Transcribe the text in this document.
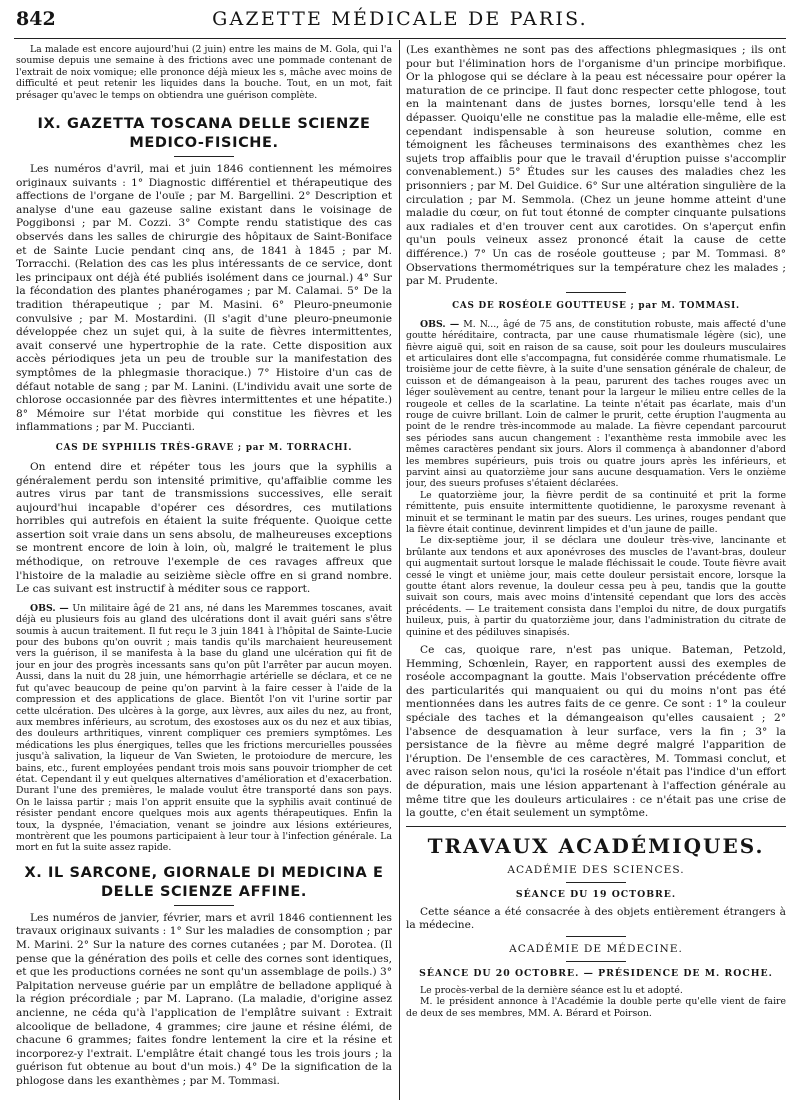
842	GAZETTE MÉDICALE DE PARIS.

La malade est encore aujourd'hui (2 juin) entre les mains de M. Gola, qui l'a soumise depuis une semaine à des frictions avec une pommade contenant de l'extrait de noix vomique; elle prononce déjà mieux les s, mâche avec moins de difficulté et peut retenir les liquides dans la bouche. Tout, en un mot, fait présager qu'avec le temps on obtiendra une guérison complète.

IX. GAZETTA TOSCANA DELLE SCIENZE MEDICO-FISICHE.

Les numéros d'avril, mai et juin 1846 contiennent les mémoires originaux suivants : 1° Diagnostic différentiel et thérapeutique des affections de l'organe de l'ouïe ; par M. Bargellini. 2° Description et analyse d'une eau gazeuse saline existant dans le voisinage de Poggibonsi ; par M. Cozzi. 3° Compte rendu statistique des cas observés dans les salles de chirurgie des hôpitaux de Saint-Boniface et de Sainte Lucie pendant cinq ans, de 1841 à 1845 ; par M. Torracchi. (Relation des cas les plus intéressants de ce service, dont les principaux ont déjà été publiés isolément dans ce journal.) 4° Sur la fécondation des plantes phanérogames ; par M. Calamai. 5° De la tradition thérapeutique ; par M. Masini. 6° Pleuro-pneumonie convulsive ; par M. Mostardini. (Il s'agit d'une pleuro-pneumonie développée chez un sujet qui, à la suite de fièvres intermittentes, avait conservé une hypertrophie de la rate. Cette disposition aux accès périodiques jeta un peu de trouble sur la manifestation des symptômes de la phlegmasie thoracique.) 7° Histoire d'un cas de défaut notable de sang ; par M. Lanini. (L'individu avait une sorte de chlorose occasionnée par des fièvres intermittentes et une hépatite.) 8° Mémoire sur l'état morbide qui constitue les fièvres et les inflammations ; par M. Puccianti.

CAS DE SYPHILIS TRÈS-GRAVE ; par M. TORRACHI.

On entend dire et répéter tous les jours que la syphilis a généralement perdu son intensité primitive, qu'affaiblie comme les autres virus par tant de transmissions successives, elle serait aujourd'hui incapable d'opérer ces désordres, ces mutilations horribles qui autrefois en étaient la suite fréquente. Quoique cette assertion soit vraie dans un sens absolu, de malheureuses exceptions se montrent encore de loin à loin, où, malgré le traitement le plus méthodique, on retrouve l'exemple de ces ravages affreux que l'histoire de la maladie au seizième siècle offre en si grand nombre. Le cas suivant est instructif à méditer sous ce rapport.

OBS. — Un militaire âgé de 21 ans, né dans les Maremmes toscanes, avait déjà eu plusieurs fois au gland des ulcérations dont il avait guéri sans s'être soumis à aucun traitement. Il fut reçu le 3 juin 1841 à l'hôpital de Sainte-Lucie pour des bubons qu'on ouvrit ; mais tandis qu'ils marchaient heureusement vers la guérison, il se manifesta à la base du gland une ulcération qui fit de jour en jour des progrès incessants sans qu'on pût l'arrêter par aucun moyen. Aussi, dans la nuit du 28 juin, une hémorrhagie artérielle se déclara, et ce ne fut qu'avec beaucoup de peine qu'on parvint à la faire cesser à l'aide de la compression et des applications de glace. Bientôt l'on vit l'urine sortir par cette ulcération. Des ulcères à la gorge, aux lèvres, aux ailes du nez, au front, aux membres inférieurs, au scrotum, des exostoses aux os du nez et aux tibias, des douleurs arthritiques, vinrent compliquer ces premiers symptômes. Les médications les plus énergiques, telles que les frictions mercurielles poussées jusqu'à salivation, la liqueur de Van Swieten, le protoiodure de mercure, les bains, etc., furent employées pendant trois mois sans pouvoir triompher de cet état. Cependant il y eut quelques alternatives d'amélioration et d'exacerbation. Durant l'une des premières, le malade voulut être transporté dans son pays. On le laissa partir ; mais l'on apprit ensuite que la syphilis avait continué de résister pendant encore quelques mois aux agents thérapeutiques. Enfin la toux, la dyspnée, l'émaciation, venant se joindre aux lésions extérieures, montrèrent que les poumons participaient à leur tour à l'infection générale. La mort en fut la suite assez rapide.

X. IL SARCONE, GIORNALE DI MEDICINA E DELLE SCIENZE AFFINE.

Les numéros de janvier, février, mars et avril 1846 contiennent les travaux originaux suivants : 1° Sur les maladies de consomption ; par M. Marini. 2° Sur la nature des cornes cutanées ; par M. Dorotea. (Il pense que la génération des poils et celle des cornes sont identiques, et que les productions cornées ne sont qu'un assemblage de poils.) 3° Palpitation nerveuse guérie par un emplâtre de belladone appliqué à la région précordiale ; par M. Laprano. (La maladie, d'origine assez ancienne, ne céda qu'à l'application de l'emplâtre suivant : Extrait alcoolique de belladone, 4 grammes; cire jaune et résine élémi, de chacune 6 grammes; faites fondre lentement la cire et la résine et incorporez-y l'extrait. L'emplâtre était changé tous les trois jours ; la guérison fut obtenue au bout d'un mois.) 4° De la signification de la phlogose dans les exanthèmes ; par M. Tommasi.

(Les exanthèmes ne sont pas des affections phlegmasiques ; ils ont pour but l'élimination hors de l'organisme d'un principe morbifique. Or la phlogose qui se déclare à la peau est nécessaire pour opérer la maturation de ce principe. Il faut donc respecter cette phlogose, tout en la maintenant dans de justes bornes, lorsqu'elle tend à les dépasser. Quoiqu'elle ne constitue pas la maladie elle-même, elle est cependant indispensable à son heureuse solution, comme en témoignent les fâcheuses terminaisons des exanthèmes chez les sujets trop affaiblis pour que le travail d'éruption puisse s'accomplir convenablement.) 5° Études sur les causes des maladies chez les prisonniers ; par M. Del Guidice. 6° Sur une altération singulière de la circulation ; par M. Semmola. (Chez un jeune homme atteint d'une maladie du cœur, on fut tout étonné de compter cinquante pulsations aux radiales et d'en trouver cent aux carotides. On s'aperçut enfin qu'un pouls veineux assez prononcé était la cause de cette différence.) 7° Un cas de roséole goutteuse ; par M. Tommasi. 8° Observations thermométriques sur la température chez les malades ; par M. Prudente.

CAS DE ROSÉOLE GOUTTEUSE ; par M. TOMMASI.

OBS. — M. N..., âgé de 75 ans, de constitution robuste, mais affecté d'une goutte héréditaire, contracta, par une cause rhumatismale légère (sic), une fièvre aiguë qui, soit en raison de sa cause, soit pour les douleurs musculaires et articulaires dont elle s'accompagna, fut considérée comme rhumatismale. Le troisième jour de cette fièvre, à la suite d'une sensation générale de chaleur, de cuisson et de démangeaison à la peau, parurent des taches rouges avec un léger soulèvement au centre, tenant pour la largeur le milieu entre celles de la rougeole et celles de la scarlatine. La teinte n'était pas écarlate, mais d'un rouge de cuivre brillant. Loin de calmer le prurit, cette éruption l'augmenta au point de le rendre très-incommode au malade. La fièvre cependant parcourut ses périodes sans aucun changement : l'exanthème resta immobile avec les mêmes caractères pendant six jours. Alors il commença à abandonner d'abord les membres supérieurs, puis trois ou quatre jours après les inférieurs, et parvint ainsi au quatorzième jour sans aucune desquamation. Vers le onzième jour, des sueurs profuses s'étaient déclarées.

Le quatorzième jour, la fièvre perdit de sa continuité et prit la forme rémittente, puis ensuite intermittente quotidienne, le paroxysme revenant à minuit et se terminant le matin par des sueurs. Les urines, rouges pendant que la fièvre était continue, devinrent limpides et d'un jaune de paille.

Le dix-septième jour, il se déclara une douleur très-vive, lancinante et brûlante aux tendons et aux aponévroses des muscles de l'avant-bras, douleur qui augmentait surtout lorsque le malade fléchissait le coude. Toute fièvre avait cessé le vingt et unième jour, mais cette douleur persistait encore, lorsque la goutte étant alors revenue, la douleur cessa peu à peu, tandis que la goutte suivait son cours, mais avec moins d'intensité cependant que lors des accès précédents. — Le traitement consista dans l'emploi du nitre, de doux purgatifs huileux, puis, à partir du quatorzième jour, dans l'administration du citrate de quinine et des pédiluves sinapisés.

Ce cas, quoique rare, n'est pas unique. Bateman, Petzold, Hemming, Schœnlein, Rayer, en rapportent aussi des exemples de roséole accompagnant la goutte. Mais l'observation précédente offre des particularités qui manquaient ou qui du moins n'ont pas été mentionnées dans les autres faits de ce genre. Ce sont : 1° la couleur spéciale des taches et la démangeaison qu'elles causaient ; 2° l'absence de desquamation à leur surface, vers la fin ; 3° la persistance de la fièvre au même degré malgré l'apparition de l'éruption. De l'ensemble de ces caractères, M. Tommasi conclut, et avec raison selon nous, qu'ici la roséole n'était pas l'indice d'un effort de dépuration, mais une lésion appartenant à l'affection générale au même titre que les douleurs articulaires : ce n'était pas une crise de la goutte, c'en était seulement un symptôme.

TRAVAUX ACADÉMIQUES.
ACADÉMIE DES SCIENCES.
SÉANCE DU 19 OCTOBRE.

Cette séance a été consacrée à des objets entièrement étrangers à la médecine.

ACADÉMIE DE MÉDECINE.
SÉANCE DU 20 OCTOBRE. — PRÉSIDENCE DE M. ROCHE.

Le procès-verbal de la dernière séance est lu et adopté.

M. le président annonce à l'Académie la double perte qu'elle vient de faire de deux de ses membres, MM. A. Bérard et Poirson.
